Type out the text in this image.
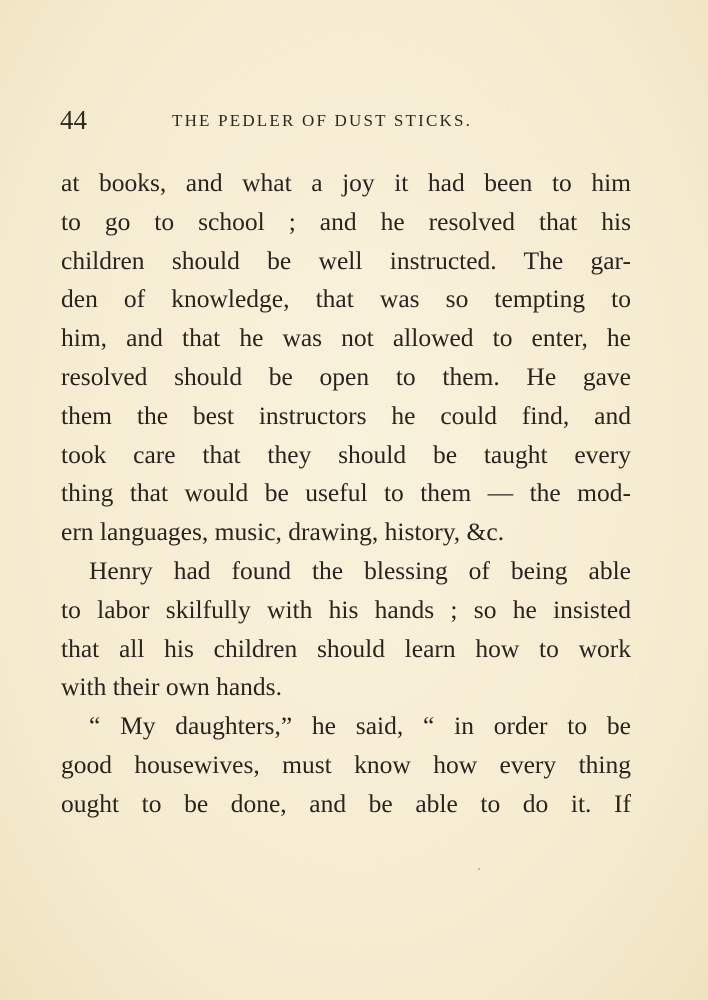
44	THE PEDLER OF DUST STICKS.
at books, and what a joy it had been to him
to go to school ; and he resolved that his
children should be well instructed. The gar-
den of knowledge, that was so tempting to
him, and that he was not allowed to enter, he
resolved should be open to them. He gave
them the best instructors he could find, and
took care that they should be taught every
thing that would be useful to them — the mod-
ern languages, music, drawing, history, &c.
Henry had found the blessing of being able
to labor skilfully with his hands ; so he insisted
that all his children should learn how to work
with their own hands.
“ My daughters,” he said, “ in order to be
good housewives, must know how every thing
ought to be done, and be able to do it. If
